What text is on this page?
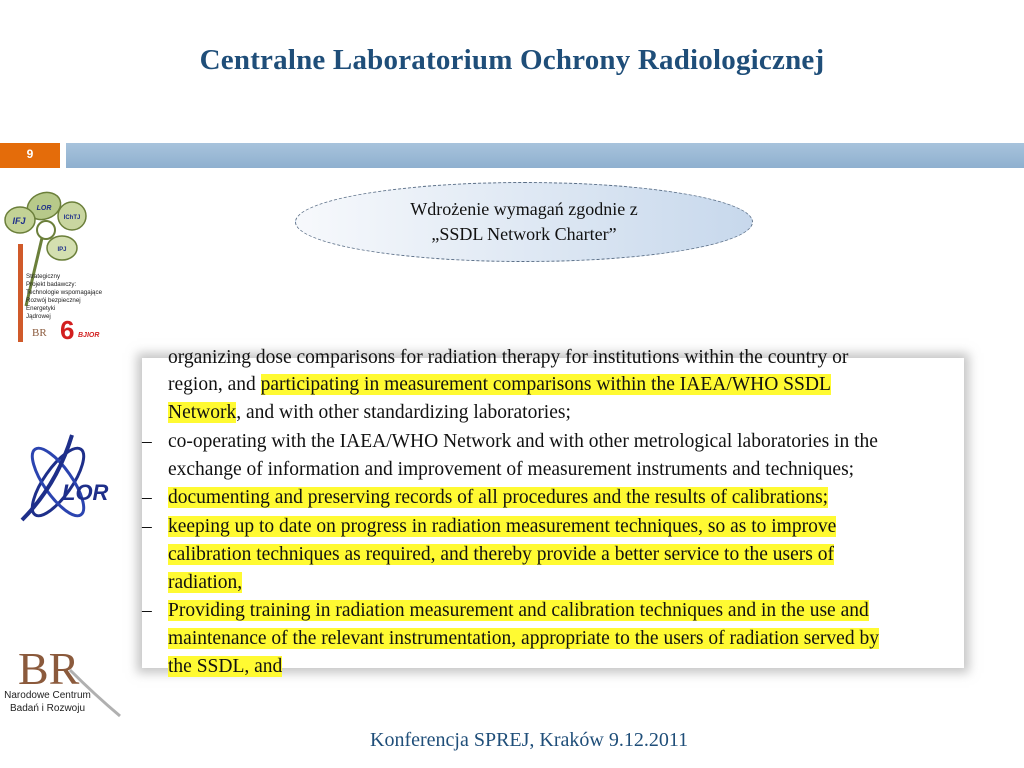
Centralne Laboratorium Ochrony Radiologicznej
9
Wdrożenie wymagań zgodnie z
„SSDL Network Charter”
LOR
IChTJ
IFJ
IPJ
Strategiczny
Projekt badawczy:
Technologie wspomagające
Rozwój bezpiecznej
Energetyki
Jądrowej 6 BJIOR
BR
LOR
BR
Narodowe Centrum
Badań i Rozwoju
organizing dose comparisons for radiation therapy for institutions within the country or
region, and participating in measurement comparisons within the IAEA/WHO SSDL
Network, and with other standardizing laboratories;
– co-operating with the IAEA/WHO Network and with other metrological laboratories in the
exchange of information and improvement of measurement instruments and techniques;
– documenting and preserving records of all procedures and the results of calibrations;
– keeping up to date on progress in radiation measurement techniques, so as to improve
calibration techniques as required, and thereby provide a better service to the users of
radiation,
– Providing training in radiation measurement and calibration techniques and in the use and
maintenance of the relevant instrumentation, appropriate to the users of radiation served by
the SSDL, and
Konferencja SPREJ, Kraków 9.12.2011
